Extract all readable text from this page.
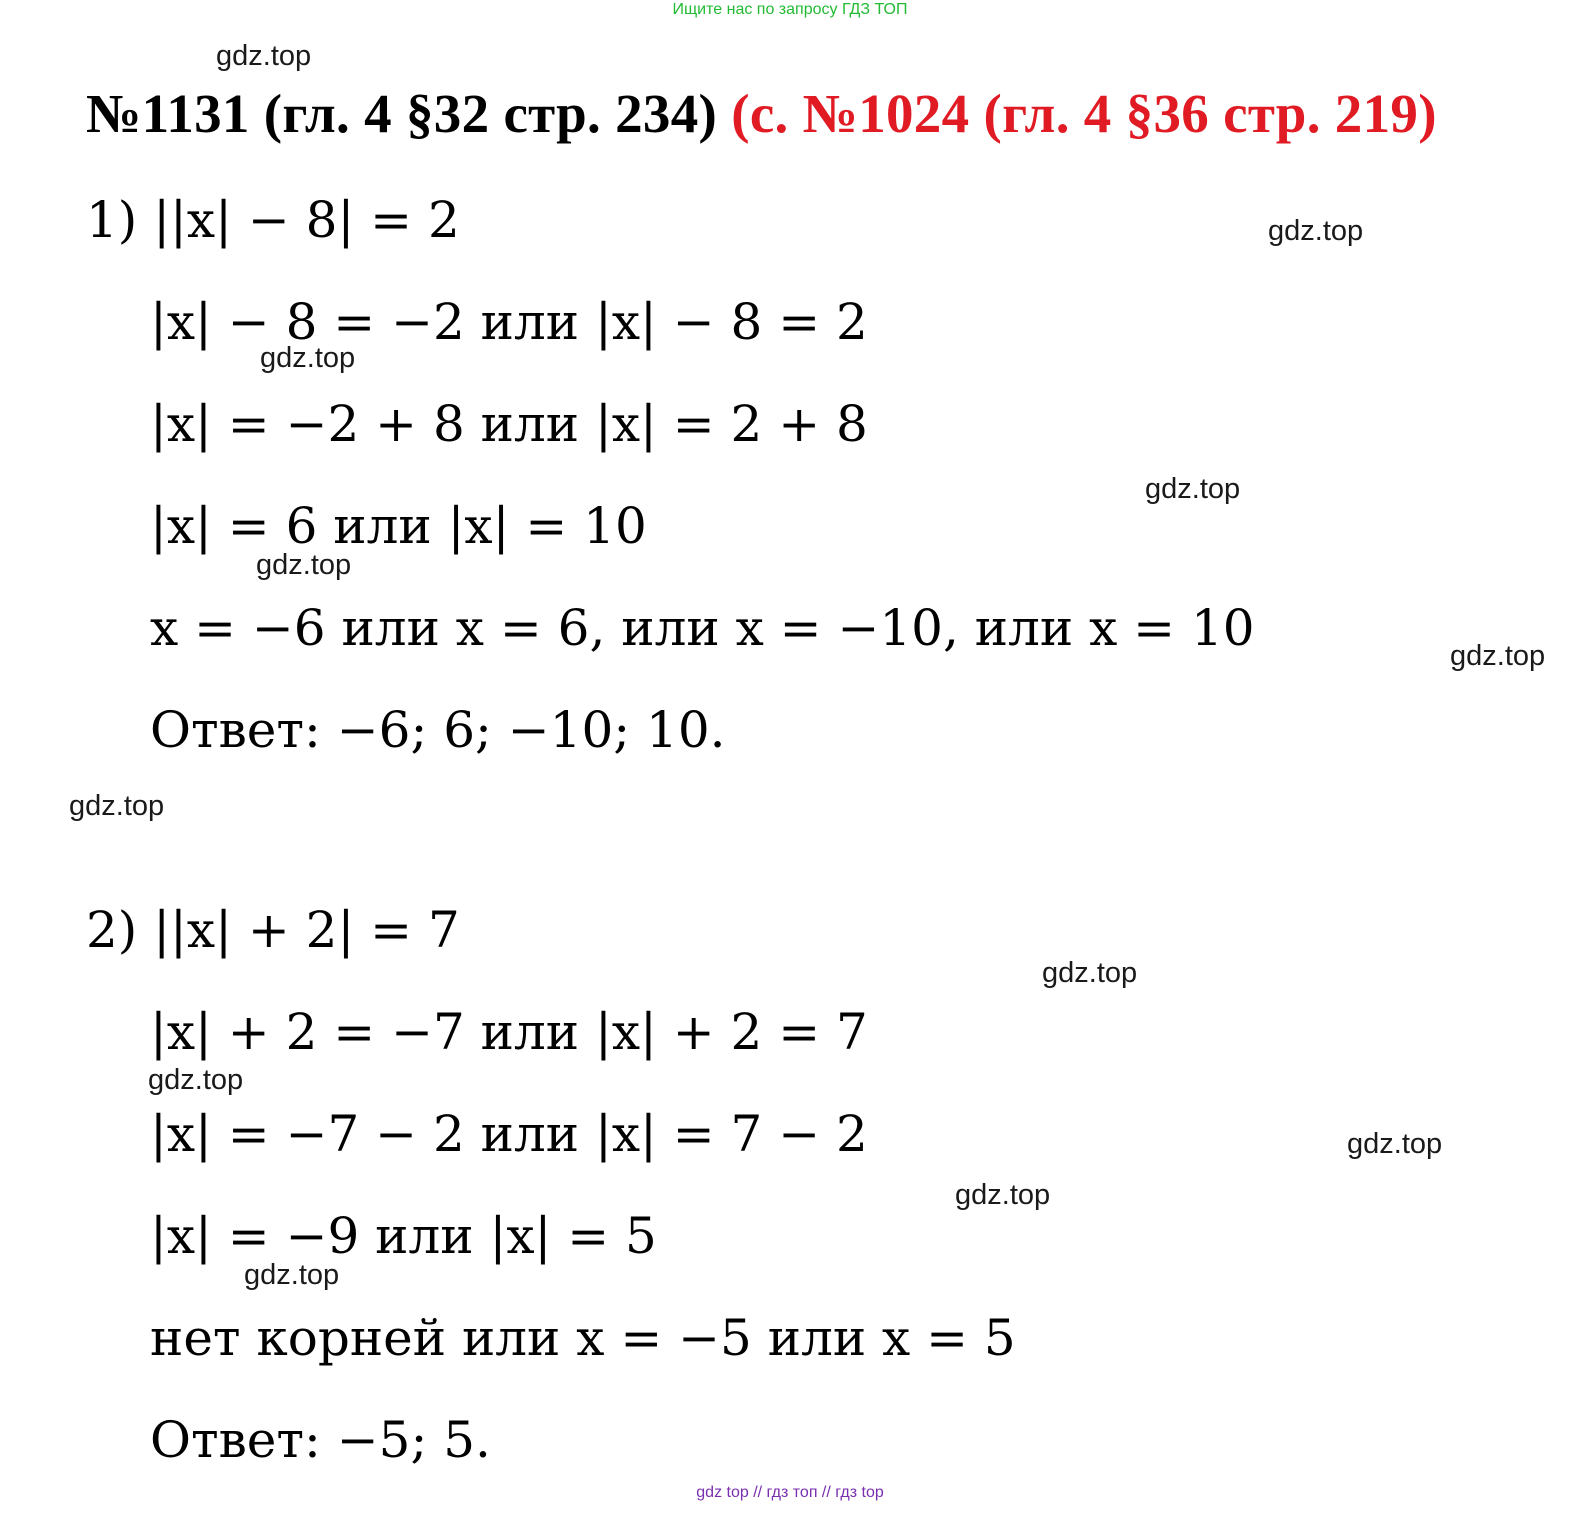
Ищите нас по запросу ГДЗ ТОП
№1131 (гл. 4 §32 стр. 234) (с. №1024 (гл. 4 §36 стр. 219)
1) ||x| − 8| = 2
|x| − 8 = −2 или |x| − 8 = 2
|x| = −2 + 8 или |x| = 2 + 8
|x| = 6 или |x| = 10
x = −6 или x = 6, или x = −10, или x = 10
Ответ: −6; 6; −10; 10.
2) ||x| + 2| = 7
|x| + 2 = −7 или |x| + 2 = 7
|x| = −7 − 2 или |x| = 7 − 2
|x| = −9 или |x| = 5
нет корней или x = −5 или x = 5
Ответ: −5; 5.
gdz.top
gdz.top
gdz.top
gdz.top
gdz.top
gdz.top
gdz.top
gdz.top
gdz.top
gdz.top
gdz.top
gdz.top
gdz top // гдз топ // гдз top
